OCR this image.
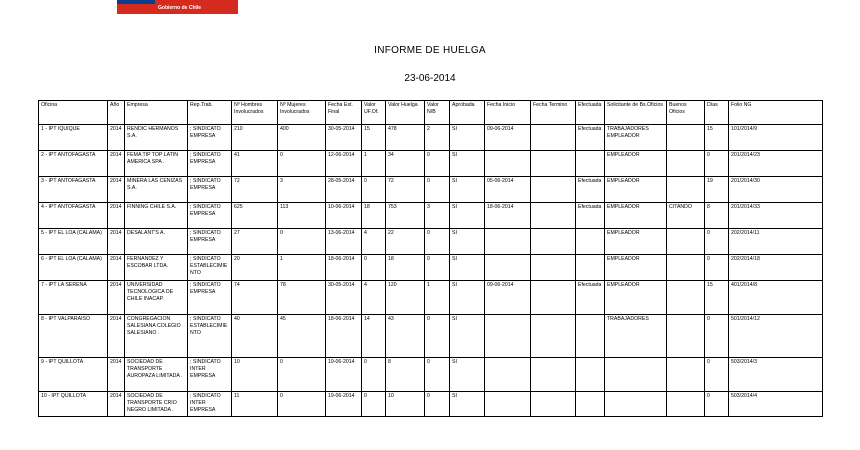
Gobierno de Chile
INFORME DE HUELGA
23-06-2014
Oficina	Año	Empresa	Rep.Trab.	Nº Hombres Involucrados	Nº Mujeres Involucrados	Fecha Est. Final	Valor UF.Of.	Valor Huelga	Valor N/B	Aprobada	Fecha Inicio	Fecha Termino	Efectuada	Solicitante de Bs.Oficios	Buenos Oficios	Días	Folio NG
1 - IPT IQUIQUE	2014	RENDIC HERMANOS S.A.	; SINDICATO EMPRESA	210	400	30-05-2014	15	478	2	SI	09-06-2014		Efectuada	TRABAJADORES EMPLEADOR		15	101/2014/9
2 - IPT ANTOFAGASTA	2014	FEMA TIP TOP LATIN AMERICA SPA .	; SINDICATO EMPRESA	41	0	12-06-2014	1	34	0	SI				EMPLEADOR		0	201/2014/23
3 - IPT ANTOFAGASTA	2014	MINERA LAS CENIZAS S.A.	; SINDICATO EMPRESA	72	3	28-05-2014	0	72	0	SI	05-06-2014		Efectuada	EMPLEADOR		19	201/2014/30
4 - IPT ANTOFAGASTA	2014	FINNING CHILE S.A.	; SINDICATO EMPRESA	625	113	10-06-2014	18	753	3	SI	18-06-2014		Efectuada	EMPLEADOR	CITANDO	8	201/2014/33
5 - IPT EL LOA (CALAMA)	2014	DESALANT'S A.	; SINDICATO EMPRESA	27	0	13-06-2014	4	22	0	SI				EMPLEADOR		0	202/2014/11
6 - IPT EL LOA (CALAMA)	2014	FERNANDEZ Y ESCOBAR LTDA.	; SINDICATO ESTABLECIMIENTO	20	1	18-06-2014	0	18	0	SI				EMPLEADOR		0	202/2014/18
7 - IPT LA SERENA	2014	UNIVERSIDAD TECNOLOGICA DE CHILE INACAP.	; SINDICATO EMPRESA	74	78	30-05-2014	4	120	1	SI	09-06-2014		Efectuada	EMPLEADOR		15	401/2014/8
8 - IPT VALPARAISO	2014	CONGREGACION SALESIANA COLEGIO SALESIANO .	; SINDICATO ESTABLECIMIENTO	40	45	18-06-2014	14	43	0	SI				TRABAJADORES		0	501/2014/12
9 - IPT QUILLOTA	2014	SOCIEDAD DE TRANSPORTE AUROPAZA LIMITADA .	; SINDICATO INTER EMPRESA	10	0	19-06-2014	0	8	0	SI						0	503/2014/3
10 - IPT QUILLOTA	2014	SOCIEDAD DE TRANSPORTE CRIO NEGRO LIMITADA .	; SINDICATO INTER EMPRESA	11	0	19-06-2014	0	10	0	SI						0	503/2014/4
